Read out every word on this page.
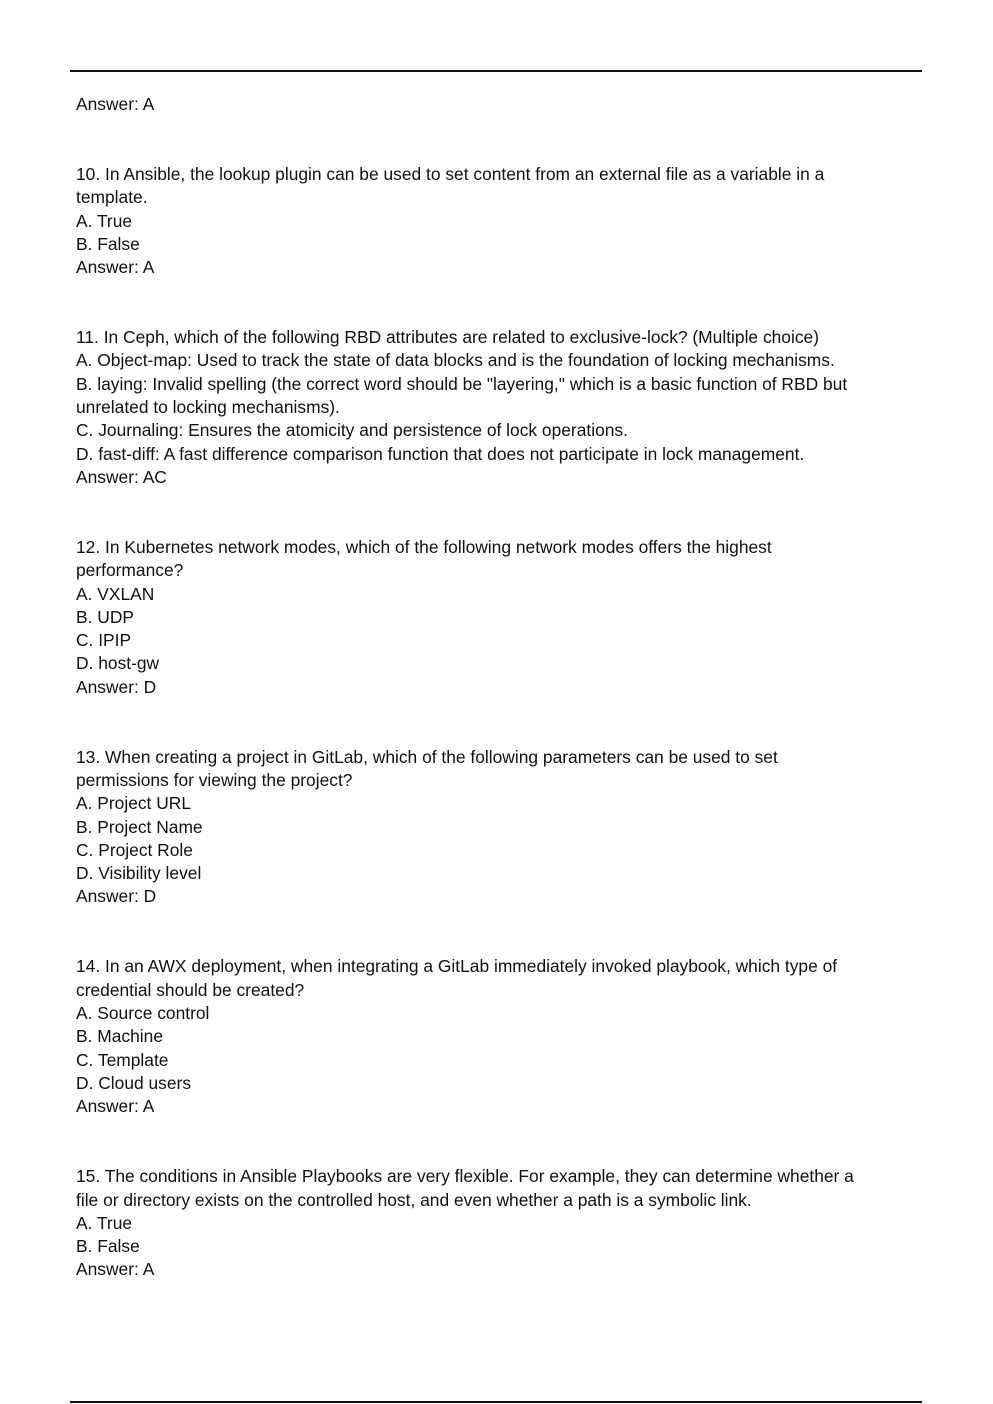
Answer: A
10. In Ansible, the lookup plugin can be used to set content from an external file as a variable in a
template.
A. True
B. False
Answer: A
11. In Ceph, which of the following RBD attributes are related to exclusive-lock? (Multiple choice)
A. Object-map: Used to track the state of data blocks and is the foundation of locking mechanisms.
B. laying: Invalid spelling (the correct word should be "layering," which is a basic function of RBD but
unrelated to locking mechanisms).
C. Journaling: Ensures the atomicity and persistence of lock operations.
D. fast-diff: A fast difference comparison function that does not participate in lock management.
Answer: AC
12. In Kubernetes network modes, which of the following network modes offers the highest
performance?
A. VXLAN
B. UDP
C. IPIP
D. host-gw
Answer: D
13. When creating a project in GitLab, which of the following parameters can be used to set
permissions for viewing the project?
A. Project URL
B. Project Name
C. Project Role
D. Visibility level
Answer: D
14. In an AWX deployment, when integrating a GitLab immediately invoked playbook, which type of
credential should be created?
A. Source control
B. Machine
C. Template
D. Cloud users
Answer: A
15. The conditions in Ansible Playbooks are very flexible. For example, they can determine whether a
file or directory exists on the controlled host, and even whether a path is a symbolic link.
A. True
B. False
Answer: A
